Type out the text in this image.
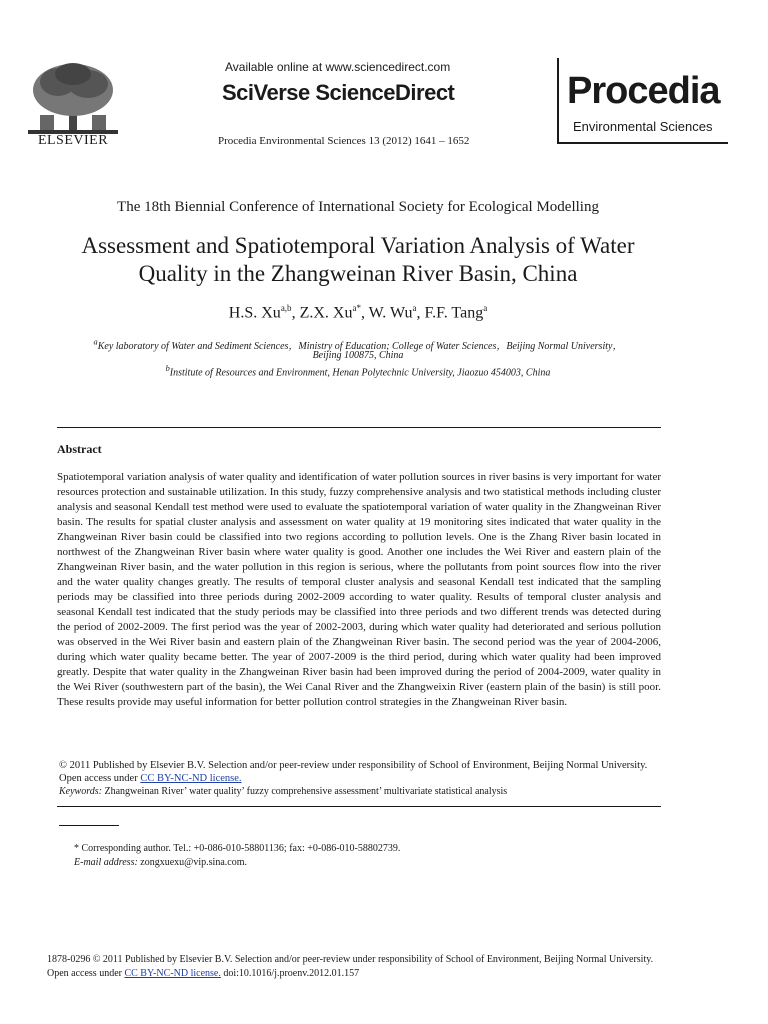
ELSEVIER
Available online at www.sciencedirect.com
SciVerse ScienceDirect
Procedia Environmental Sciences 13 (2012) 1641 – 1652
Procedia
Environmental Sciences
The 18th Biennial Conference of International Society for Ecological Modelling
Assessment and Spatiotemporal Variation Analysis of Water
Quality in the Zhangweinan River Basin, China
H.S. Xu$^{a,b}$, Z.X. $Xu^{a*}$, W. Wu$^a$, F.F. Tang$^a$
$^a$Key laboratory of Water and Sediment Sciences，Ministry of Education; College of Water Sciences，Beijing Normal University，
Beijing 100875, China
$^b$Institute of Resources and Environment, Henan Polytechnic University, Jiaozuo 454003, China
Abstract
Spatiotemporal variation analysis of water quality and identification of water pollution sources in river basins is very important for water resources protection and sustainable utilization. In this study, fuzzy comprehensive analysis and two statistical methods including cluster analysis and seasonal Kendall test method were used to evaluate the spatiotemporal variation of water quality in the Zhangweinan River basin. The results for spatial cluster analysis and assessment on water quality at 19 monitoring sites indicated that water quality in the Zhangweinan River basin could be classified into two regions according to pollution levels. One is the Zhang River basin located in northwest of the Zhangweinan River basin where water quality is good. Another one includes the Wei River and eastern plain of the Zhangweinan River basin, and the water pollution in this region is serious, where the pollutants from point sources flow into the river and the water quality changes greatly. The results of temporal cluster analysis and seasonal Kendall test indicated that the sampling periods may be classified into three periods during 2002-2009 according to water quality. Results of temporal cluster analysis and seasonal Kendall test indicated that the study periods may be classified into three periods and two different trends was detected during the period of 2002-2009. The first period was the year of 2002-2003, during which water quality had deteriorated and serious pollution was observed in the Wei River basin and eastern plain of the Zhangweinan River basin. The second period was the year of 2004-2006, during which water quality became better. The year of 2007-2009 is the third period, during which water quality had been improved greatly. Despite that water quality in the Zhangweinan River basin had been improved during the period of 2004-2009, water quality in the Wei River (southwestern part of the basin), the Wei Canal River and the Zhangweixin River (eastern plain of the basin) is still poor. These results provide may useful information for better pollution control strategies in the Zhangweinan River basin.
© 2011 Published by Elsevier B.V. Selection and/or peer-review under responsibility of School of Environment, Beijing Normal University.
Open access under CC BY-NC-ND license.
Keywords: Zhangweinan River’ water quality’ fuzzy comprehensive assessment’ multivariate statistical analysis
* Corresponding author. Tel.: +0-086-010-58801136; fax: +0-086-010-58802739.
E-mail address: zongxuexu@vip.sina.com.
1878-0296 © 2011 Published by Elsevier B.V. Selection and/or peer-review under responsibility of School of Environment, Beijing Normal University.
Open access under CC BY-NC-ND license. doi:10.1016/j.proenv.2012.01.157
